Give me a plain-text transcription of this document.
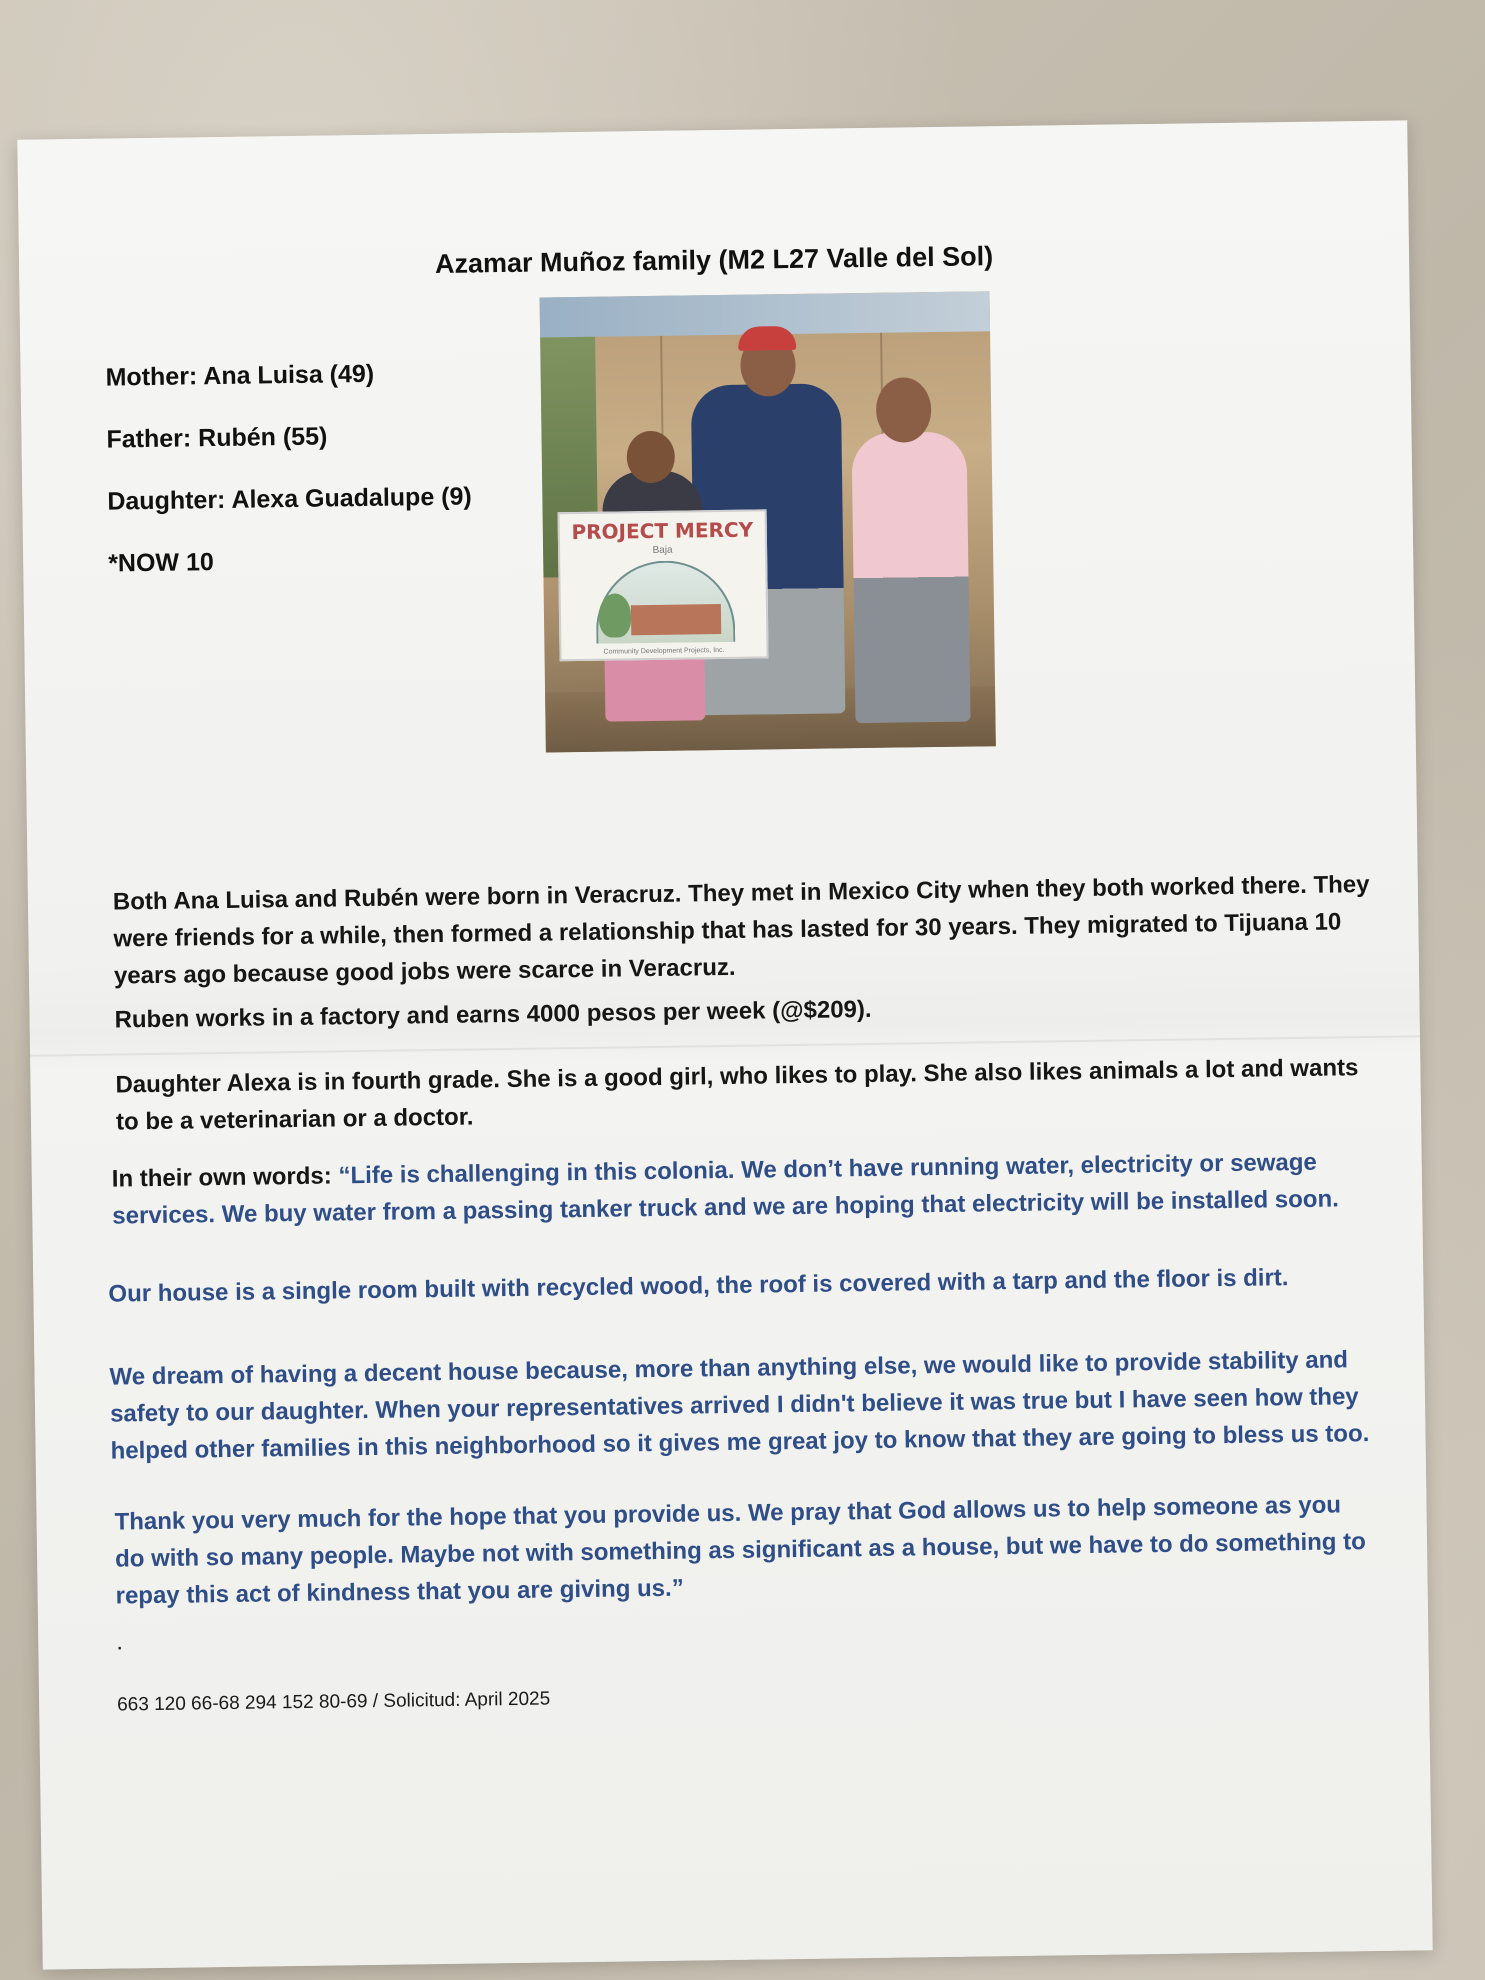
Azamar Muñoz family (M2 L27 Valle del Sol)
Mother: Ana Luisa (49)
Father: Rubén (55)
Daughter: Alexa Guadalupe (9)
*NOW 10
PROJECT MERCY
Baja
Community Development Projects, Inc.
Both Ana Luisa and Rubén were born in Veracruz. They met in Mexico City when they both worked there. They were friends for a while, then formed a relationship that has lasted for 30 years. They migrated to Tijuana 10 years ago because good jobs were scarce in Veracruz.
Ruben works in a factory and earns 4000 pesos per week (@$209).
Daughter Alexa is in fourth grade. She is a good girl, who likes to play. She also likes animals a lot and wants to be a veterinarian or a doctor.
In their own words: “Life is challenging in this colonia. We don’t have running water, electricity or sewage services. We buy water from a passing tanker truck and we are hoping that electricity will be installed soon.
Our house is a single room built with recycled wood, the roof is covered with a tarp and the floor is dirt.
We dream of having a decent house because, more than anything else, we would like to provide stability and safety to our daughter. When your representatives arrived I didn't believe it was true but I have seen how they helped other families in this neighborhood so it gives me great joy to know that they are going to bless us too.
Thank you very much for the hope that you provide us. We pray that God allows us to help someone as you do with so many people. Maybe not with something as significant as a house, but we have to do something to repay this act of kindness that you are giving us.”
.
663 120 66-68 294 152 80-69 / Solicitud: April 2025
